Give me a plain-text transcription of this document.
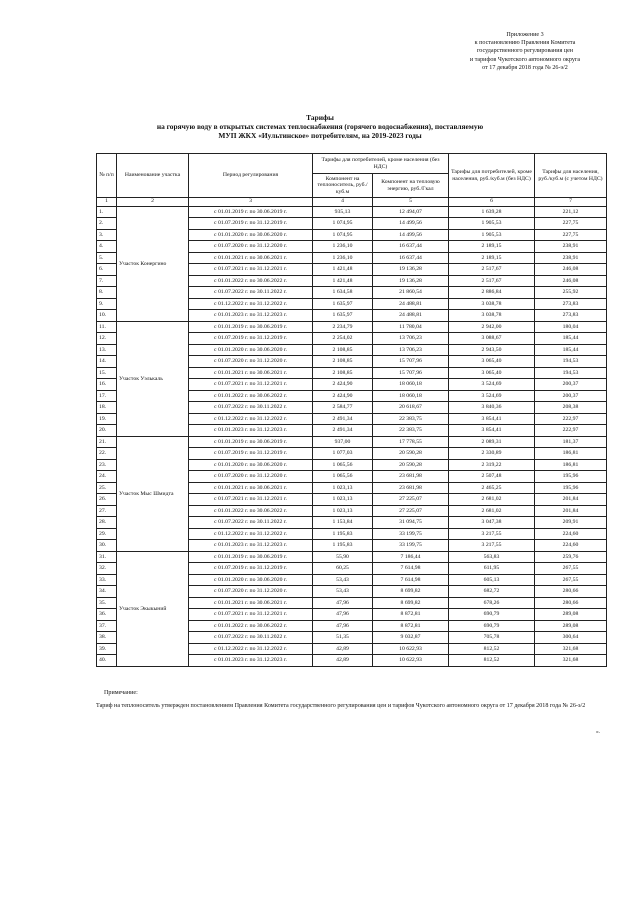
Приложение 3
к постановлению Правления Комитета
государственного регулирования цен
и тарифов Чукотского автономного округа
от 17 декабря 2018 года № 26-э/2
Тарифы
на горячую воду в открытых системах теплоснабжения (горячего водоснабжения), поставляемую
МУП ЖКХ «Иультинское» потребителям, на 2019-2023 годы
№ п/п	Наименование участка	Период регулирования	Тарифы для потребителей, кроме населения (без НДС)		Тарифы для потребителей, кроме населения, руб./куб.м (без НДС)	Тарифы для населения, руб./куб.м (с учетом НДС)
			Компонент на теплоноситель, руб./куб.м	Компонент на тепловую энергию, руб./Гкал		
1	2	3	4	5	6	7
1.	Участок Конергино	с 01.01.2019 г. по 30.06.2019 г.	935,13	12 494,07	1 639,28	221,12
2.		с 01.07.2019 г. по 31.12.2019 г.	1 074,95	14 499,56	1 905,53	227,75
3.		с 01.01.2020 г. по 30.06.2020 г.	1 074,95	14 499,56	1 905,53	227,75
4.		с 01.07.2020 г. по 31.12.2020 г.	1 236,10	16 637,44	2 189,15	238,91
5.		с 01.01.2021 г. по 30.06.2021 г.	1 236,10	16 637,44	2 189,15	238,91
6.		с 01.07.2021 г. по 31.12.2021 г.	1 421,48	19 136,28	2 517,67	246,08
7.		с 01.01.2022 г. по 30.06.2022 г.	1 421,48	19 136,28	2 517,67	246,08
8.		с 01.07.2022 г. по 30.11.2022 г.	1 634,58	21 860,54	2 886,84	255,92
9.		с 01.12.2022 г. по 31.12.2022 г.	1 635,97	24 488,81	3 038,78	273,83
10.		с 01.01.2023 г. по 31.12.2023 г.	1 635,97	24 488,81	3 038,78	273,83
11.	Участок Уэлькаль	с 01.01.2019 г. по 30.06.2019 г.	2 234,79	11 780,04	2 942,00	180,04
12.		с 01.07.2019 г. по 31.12.2019 г.	2 254,02	13 706,23	3 088,67	185,44
13.		с 01.01.2020 г. по 30.06.2020 г.	2 108,85	13 706,23	2 943,50	185,44
14.		с 01.07.2020 г. по 31.12.2020 г.	2 108,85	15 707,96	3 065,40	194,53
15.		с 01.01.2021 г. по 30.06.2021 г.	2 108,85	15 707,96	3 065,40	194,53
16.		с 01.07.2021 г. по 31.12.2021 г.	2 424,90	18 060,18	3 524,69	200,37
17.		с 01.01.2022 г. по 30.06.2022 г.	2 424,90	18 060,18	3 524,69	200,37
18.		с 01.07.2022 г. по 30.11.2022 г.	2 584,77	20 618,67	3 840,36	208,38
19.		с 01.12.2022 г. по 31.12.2022 г.	2 491,34	22 383,75	3 854,41	222,97
20.		с 01.01.2023 г. по 31.12.2023 г.	2 491,34	22 383,75	3 854,41	222,97
21.	Участок Мыс Шмидта	с 01.01.2019 г. по 30.06.2019 г.	937,00	17 778,55	2 089,31	181,37
22.		с 01.07.2019 г. по 31.12.2019 г.	1 077,03	20 590,28	2 330,89	186,81
23.		с 01.01.2020 г. по 30.06.2020 г.	1 065,56	20 590,28	2 319,22	186,81
24.		с 01.07.2020 г. по 31.12.2020 г.	1 065,56	23 681,98	2 507,48	195,96
25.		с 01.01.2021 г. по 30.06.2021 г.	1 023,13	23 681,98	2 465,25	195,96
26.		с 01.07.2021 г. по 31.12.2021 г.	1 023,13	27 225,07	2 681,02	201,84
27.		с 01.01.2022 г. по 30.06.2022 г.	1 023,13	27 225,07	2 681,02	201,84
28.		с 01.07.2022 г. по 30.11.2022 г.	1 153,84	31 094,75	3 047,38	209,91
29.		с 01.12.2022 г. по 31.12.2022 г.	1 195,83	33 199,75	3 217,55	224,60
30.		с 01.01.2023 г. по 31.12.2023 г.	1 195,83	33 199,75	3 217,55	224,60
31.	Участок Экыкыний	с 01.01.2019 г. по 30.06.2019 г.	55,90	7 186,44	563,83	259,76
32.		с 01.07.2019 г. по 31.12.2019 г.	60,25	7 614,98	611,95	267,55
33.		с 01.01.2020 г. по 30.06.2020 г.	53,43	7 614,98	605,13	267,55
34.		с 01.07.2020 г. по 31.12.2020 г.	53,43	8 699,82	682,72	280,66
35.		с 01.01.2021 г. по 30.06.2021 г.	47,96	8 699,82	678,26	280,66
36.		с 01.07.2021 г. по 31.12.2021 г.	47,96	8 872,81	690,79	289,08
37.		с 01.01.2022 г. по 30.06.2022 г.	47,96	8 872,81	690,79	289,08
38.		с 01.07.2022 г. по 30.11.2022 г.	51,35	9 032,87	705,78	300,64
39.		с 01.12.2022 г. по 31.12.2022 г.	42,89	10 622,93	812,52	321,68
40.		с 01.01.2023 г. по 31.12.2023 г.	42,89	10 622,93	812,52	321,68
Примечание:
Тариф на теплоноситель утвержден постановлением Правления Комитета государственного регулирования цен и тарифов Чукотского автономного округа от 17 декабря 2018 года № 26-э/2
».
